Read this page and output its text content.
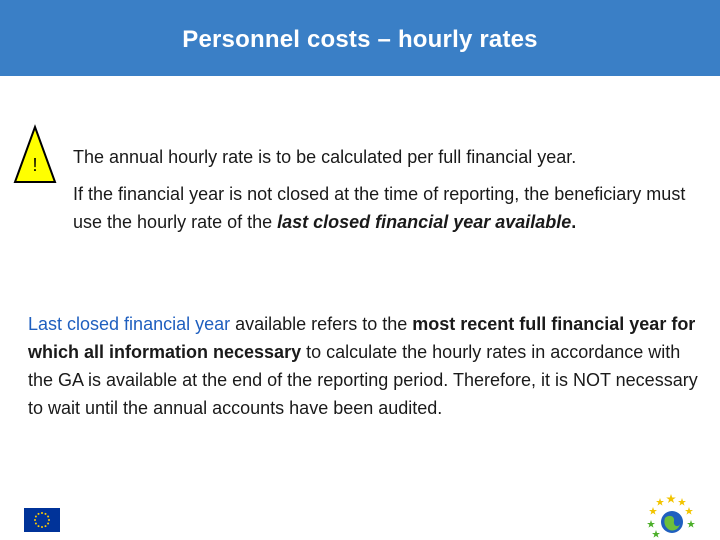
Personnel costs – hourly rates
! The annual hourly rate is to be calculated per full financial year.

If the financial year is not closed at the time of reporting, the beneficiary must use the hourly rate of the last closed financial year available.

Last closed financial year available refers to the most recent full financial year for which all information necessary to calculate the hourly rates in accordance with the GA is available at the end of the reporting period. Therefore, it is NOT necessary to wait until the annual accounts have been audited.
